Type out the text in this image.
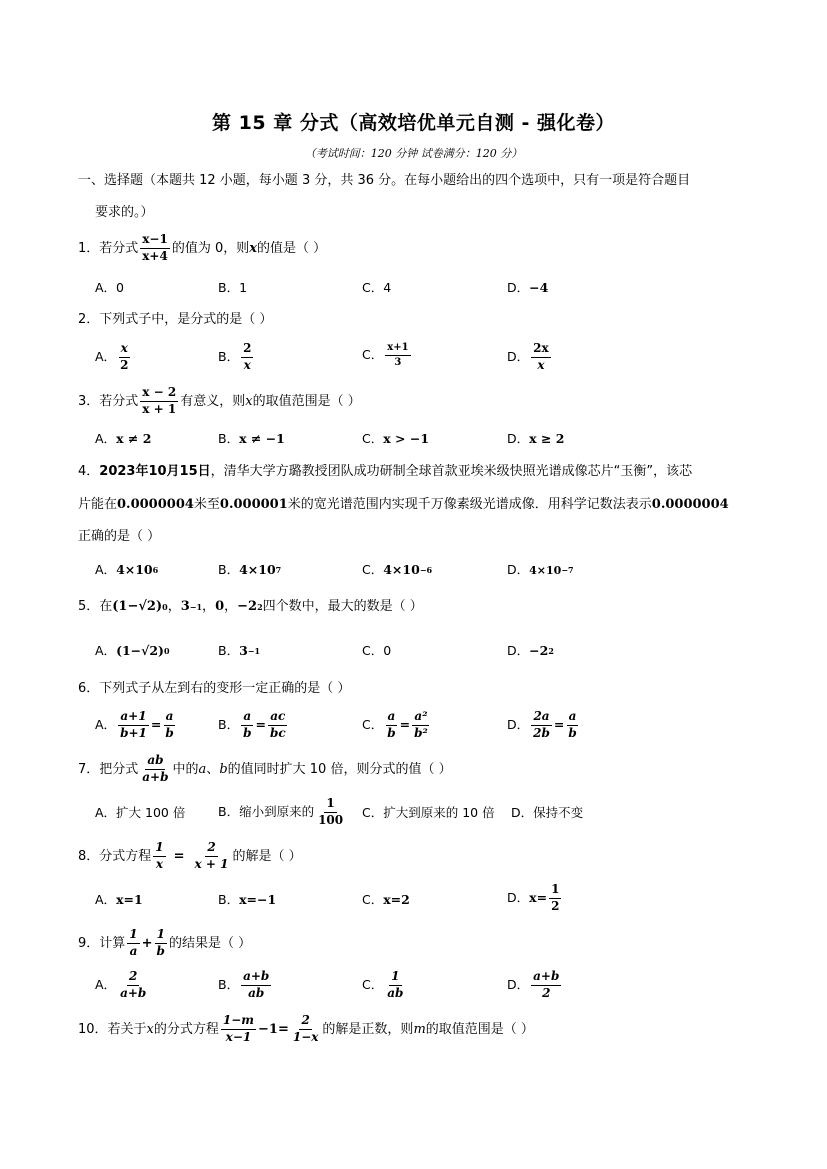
第 15 章 分式（高效培优单元自测 - 强化卷）
（考试时间：120 分钟 试卷满分：120 分）
一、选择题（本题共 12 小题，每小题 3 分，共 36 分。在每小题给出的四个选项中，只有一项是符合题目
要求的。）
1．若分式 $\frac{x-1}{x+4}$ 的值为 0，则 x 的值是（ ）
A．0	B．1	C．4	D． −4
2．下列式子中，是分式的是（ ）
A． $\frac{x}{2}$	B． $\frac{2}{x}$	C． $\frac{x+1}{3}$	D． $\frac{2x}{x}$
3．若分式 $\frac{x - 2}{x + 1}$ 有意义，则 x 的取值范围是（ ）
A． x ≠ 2	B． x ≠ −1	C． x > −1	D． x ≥ 2
4． 2023年10月15日 ，清华大学方璐教授团队成功研制全球首款亚埃米级快照光谱成像芯片“玉衡”，该芯
片能在 0.0000004 米至 0.000001 米的宽光谱范围内实现千万像素级光谱成像．用科学记数法表示 0.0000004
正确的是（ ）
A． 4×10 6	B． 4×10 7	C． 4×10 −6	D． 4×10 −7
5．在 (1−√2) 0 ， 3 −1 ， 0 ， −2 2 四个数中，最大的数是（ ）
A． (1−√2) 0	B． 3 −1	C．0	D． −2 2
6．下列式子从左到右的变形一定正确的是（ ）
A． $\frac{a+1}{b+1} = \frac{a}{b}$	B． $\frac{a}{b} = \frac{ac}{bc}$	C． $\frac{a}{b} = \frac{\text{a²}}{\text{b²}}$	D． $\frac{2a}{2b} = \frac{a}{b}$
7．把分式 $\frac{ab}{a+b}$ 中的 a 、 b 的值同时扩大 10 倍，则分式的值（ ）
A．扩大 100 倍	B．缩小到原来的 $\frac{1}{100}$ C．扩大到原来的 10 倍 D．保持不变
8．分式方程 $\frac{1}{x} = \frac{2}{x + 1}$ 的解是（ ）
A． x=1	B． x=−1	C． x=2	D． $x= \frac{1}{2}$
9．计算 $\frac{1}{a} + \frac{1}{b}$ 的结果是（ ）
A． $\frac{2}{a+b}$	B． $\frac{a+b}{ab}$	C． $\frac{1}{ab}$	D． $\frac{a+b}{2}$
10．若关于 x 的分式方程 $\frac{1-m}{x-1} -1= \frac{2}{1-x}$ 的解是正数，则 m 的取值范围是（ ）
